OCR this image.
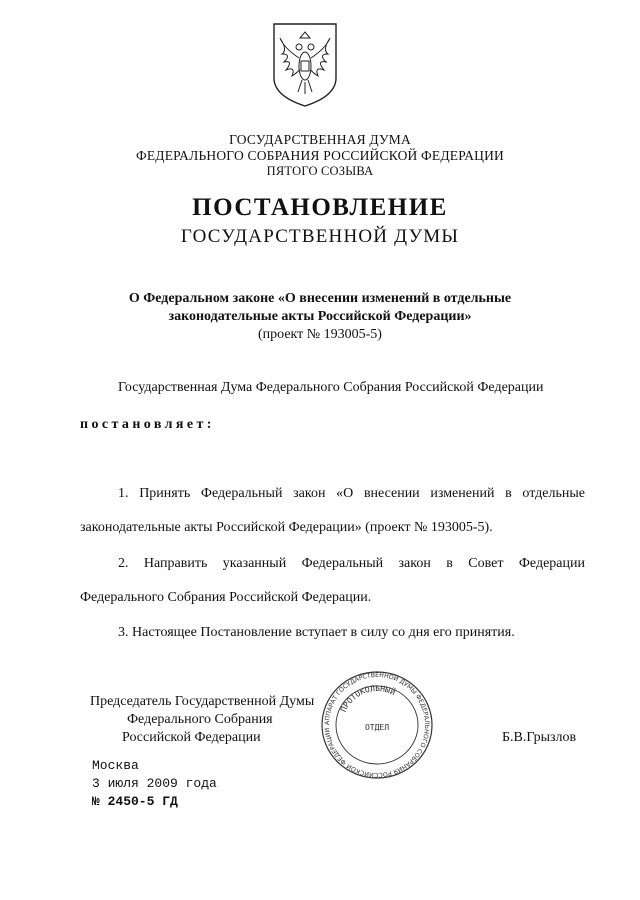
ГОСУДАРСТВЕННАЯ ДУМА
ФЕДЕРАЛЬНОГО СОБРАНИЯ РОССИЙСКОЙ ФЕДЕРАЦИИ
ПЯТОГО СОЗЫВА
ПОСТАНОВЛЕНИЕ
ГОСУДАРСТВЕННОЙ ДУМЫ
О Федеральном законе «О внесении изменений в отдельные
законодательные акты Российской Федерации»
(проект № 193005-5)
Государственная Дума Федерального Собрания Российской Федерации
постановляет:
1. Принять Федеральный закон «О внесении изменений в отдельные
законодательные акты Российской Федерации» (проект № 193005-5).
2. Направить указанный Федеральный закон в Совет Федерации
Федерального Собрания Российской Федерации.
3. Настоящее Постановление вступает в силу со дня его принятия.
Председатель Государственной Думы
Федерального Собрания
Российской Федерации	Б.В.Грызлов
АППАРАТ ГОСУДАРСТВЕННОЙ ДУМЫ ФЕДЕРАЛЬНОГО СОБРАНИЯ РОССИЙСКОЙ ФЕДЕРАЦИИ
ПРОТОКОЛЬНЫЙ
ОТДЕЛ
Москва
3 июля 2009 года
№ 2450-5 ГД
